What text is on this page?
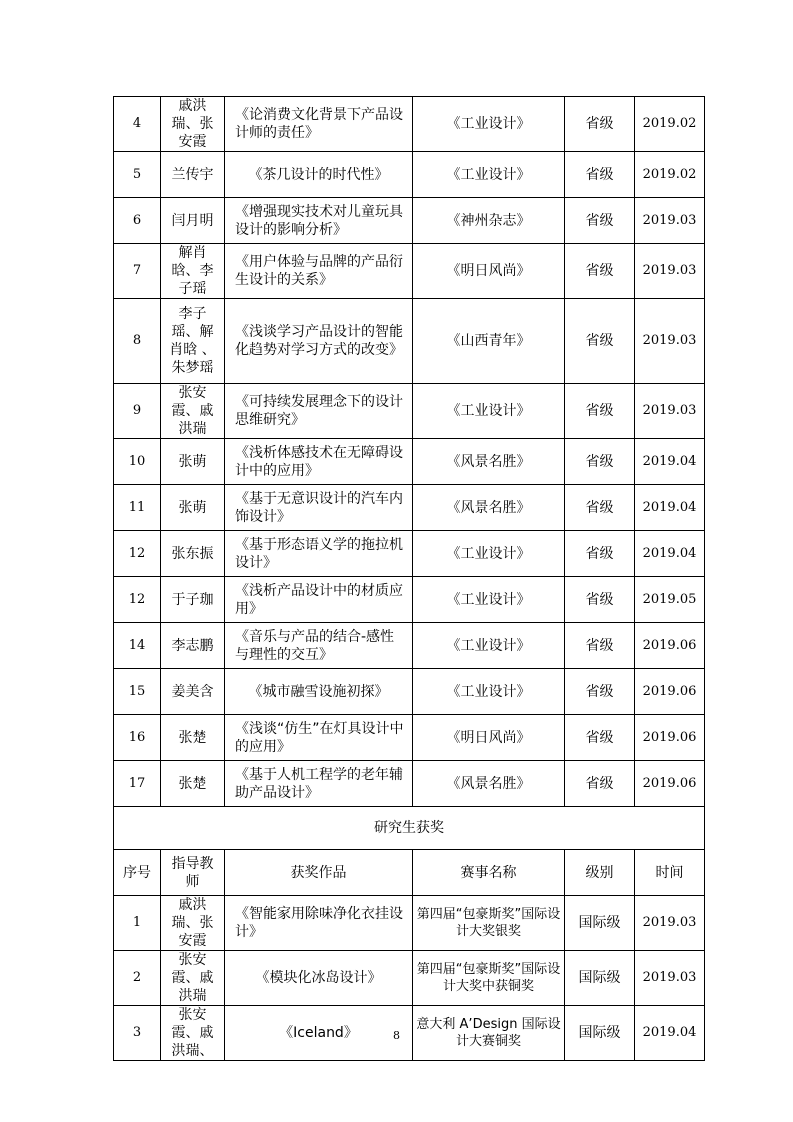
4	戚洪瑞、张安霞	《论消费文化背景下产品设计师的责任》	《工业设计》	省级	2019.02
5	兰传宇	《茶几设计的时代性》	《工业设计》	省级	2019.02
6	闫月明	《增强现实技术对儿童玩具设计的影响分析》	《神州杂志》	省级	2019.03
7	解肖晗、李子瑶	《用户体验与品牌的产品衍生设计的关系》	《明日风尚》	省级	2019.03
8	李子瑶、解肖晗 、朱梦瑶	《浅谈学习产品设计的智能化趋势对学习方式的改变》	《山西青年》	省级	2019.03
9	张安霞、戚洪瑞	《可持续发展理念下的设计思维研究》	《工业设计》	省级	2019.03
10	张萌	《浅析体感技术在无障碍设计中的应用》	《风景名胜》	省级	2019.04
11	张萌	《基于无意识设计的汽车内饰设计》	《风景名胜》	省级	2019.04
12	张东振	《基于形态语义学的拖拉机设计》	《工业设计》	省级	2019.04
12	于子珈	《浅析产品设计中的材质应用》	《工业设计》	省级	2019.05
14	李志鹏	《音乐与产品的结合-感性与理性的交互》	《工业设计》	省级	2019.06
15	姜美含	《城市融雪设施初探》	《工业设计》	省级	2019.06
16	张楚	《浅谈“仿生”在灯具设计中的应用》	《明日风尚》	省级	2019.06
17	张楚	《基于人机工程学的老年辅助产品设计》	《风景名胜》	省级	2019.06
研究生获奖					
序号	指导教师	获奖作品	赛事名称	级别	时间
1	戚洪瑞、张安霞	《智能家用除味净化衣挂设计》	第四届“包豪斯奖”国际设计大奖银奖	国际级	2019.03
2	张安霞、戚洪瑞	《模块化冰岛设计》	第四届“包豪斯奖”国际设计大奖中获铜奖	国际级	2019.03
3	张安霞、戚洪瑞、	《Iceland》	意大利 A’Design 国际设计大赛铜奖	国际级	2019.04
8
